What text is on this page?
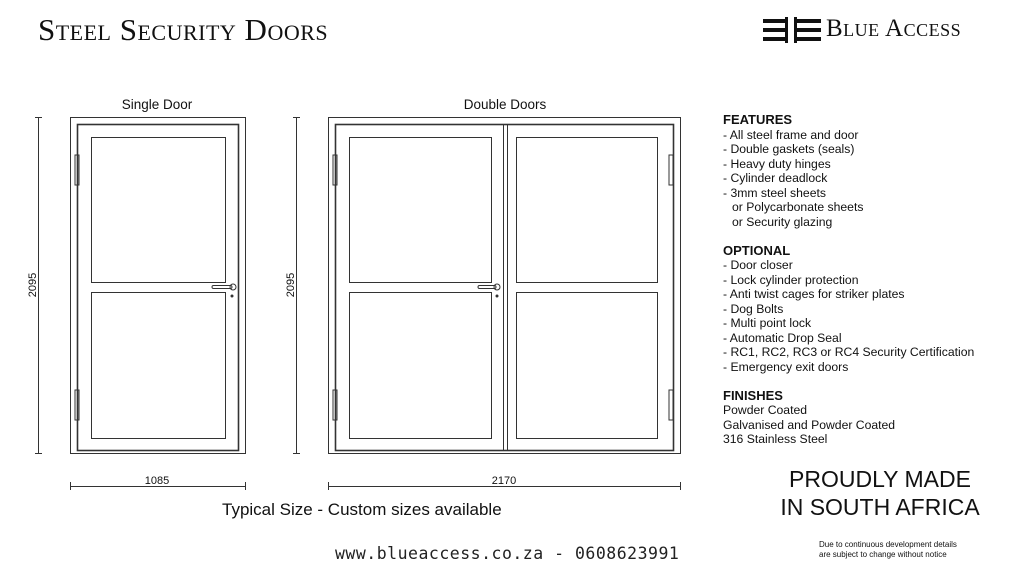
Steel Security Doors	Blue Access
Single Door	Double Doors
1085	2170
2095	2095
FEATURES
- All steel frame and door
- Double gaskets (seals)
- Heavy duty hinges
- Cylinder deadlock
- 3mm steel sheets
or Polycarbonate sheets
or Security glazing
OPTIONAL
- Door closer
- Lock cylinder protection
- Anti twist cages for striker plates
- Dog Bolts
- Multi point lock
- Automatic Drop Seal
- RC1, RC2, RC3 or RC4 Security Certification
- Emergency exit doors
FINISHES
Powder Coated
Galvanised and Powder Coated
316 Stainless Steel
PROUDLY MADE
IN SOUTH AFRICA
Due to continuous development details
are subject to change without notice
Typical Size - Custom sizes available
www.blueaccess.co.za - 0608623991
